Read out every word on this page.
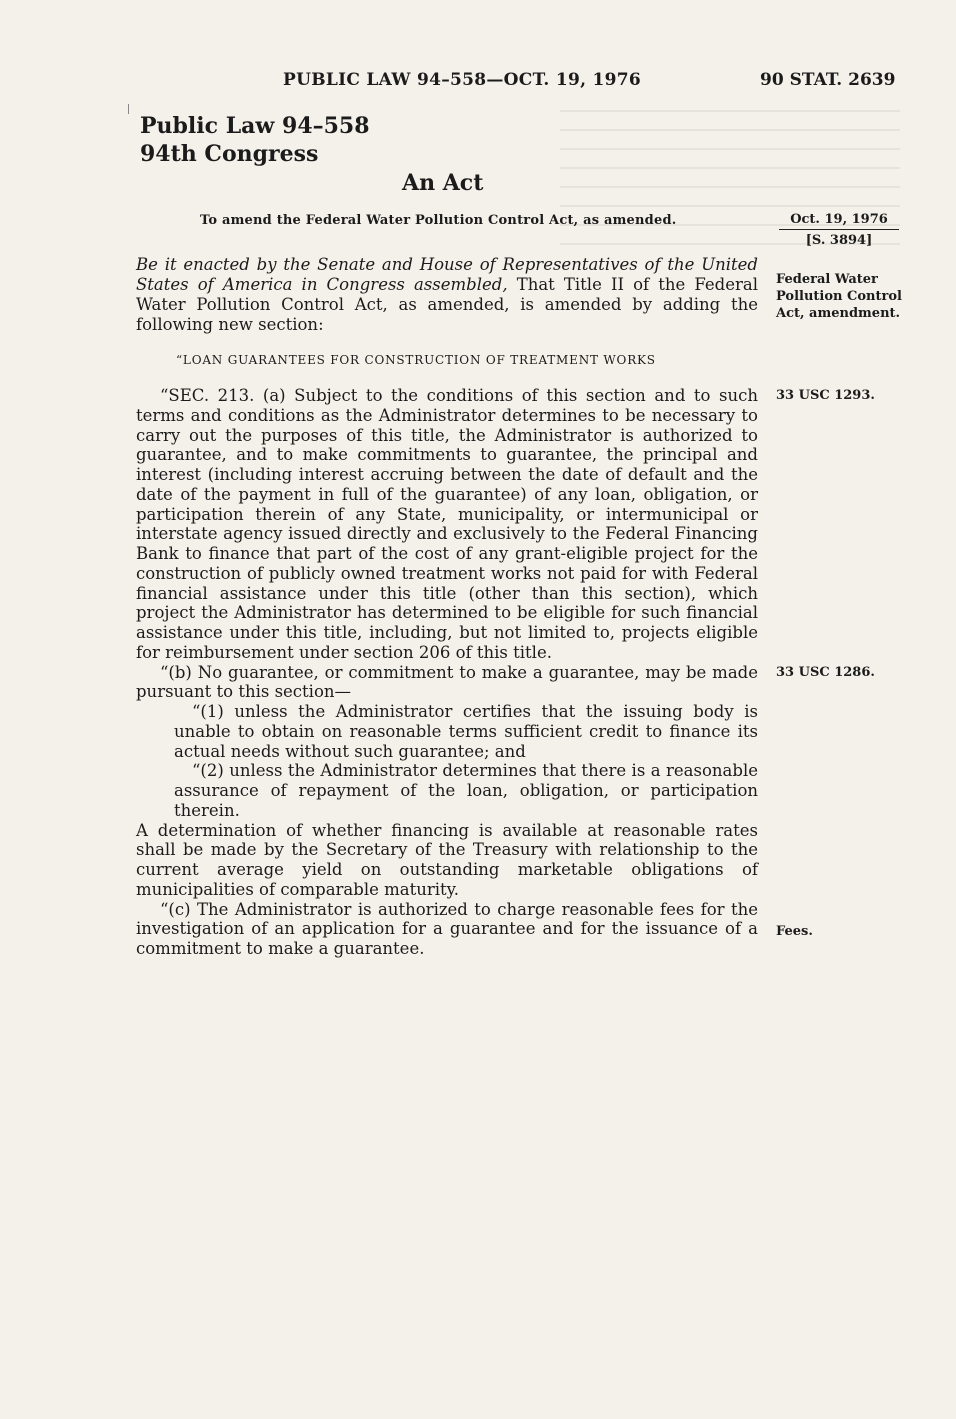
PUBLIC LAW 94–558—OCT. 19, 1976	90 STAT. 2639
Public Law 94–558
94th Congress
An Act
To amend the Federal Water Pollution Control Act, as amended.	Oct. 19, 1976
[S. 3894]
Be it enacted by the Senate and House of Representatives of the United States of America in Congress assembled, That Title II of the Federal Water Pollution Control Act, as amended, is amended by adding the following new section:
Federal Water
Pollution Control
Act, amendment.
“LOAN GUARANTEES FOR CONSTRUCTION OF TREATMENT WORKS
33 USC 1293.
33 USC 1286.
Fees.

“SEC. 213. (a) Subject to the conditions of this section and to such terms and conditions as the Administrator determines to be necessary to carry out the purposes of this title, the Administrator is authorized to guarantee, and to make commitments to guarantee, the principal and interest (including interest accruing between the date of default and the date of the payment in full of the guarantee) of any loan, obligation, or participation therein of any State, municipality, or intermunicipal or interstate agency issued directly and exclusively to the Federal Financing Bank to finance that part of the cost of any grant-eligible project for the construction of publicly owned treatment works not paid for with Federal financial assistance under this title (other than this section), which project the Administrator has determined to be eligible for such financial assistance under this title, including, but not limited to, projects eligible for reimbursement under section 206 of this title.

“(b) No guarantee, or commitment to make a guarantee, may be made pursuant to this section—

“(1) unless the Administrator certifies that the issuing body is unable to obtain on reasonable terms sufficient credit to finance its actual needs without such guarantee; and

“(2) unless the Administrator determines that there is a reasonable assurance of repayment of the loan, obligation, or participation therein.

A determination of whether financing is available at reasonable rates shall be made by the Secretary of the Treasury with relationship to the current average yield on outstanding marketable obligations of municipalities of comparable maturity.

“(c) The Administrator is authorized to charge reasonable fees for the investigation of an application for a guarantee and for the issuance of a commitment to make a guarantee.
